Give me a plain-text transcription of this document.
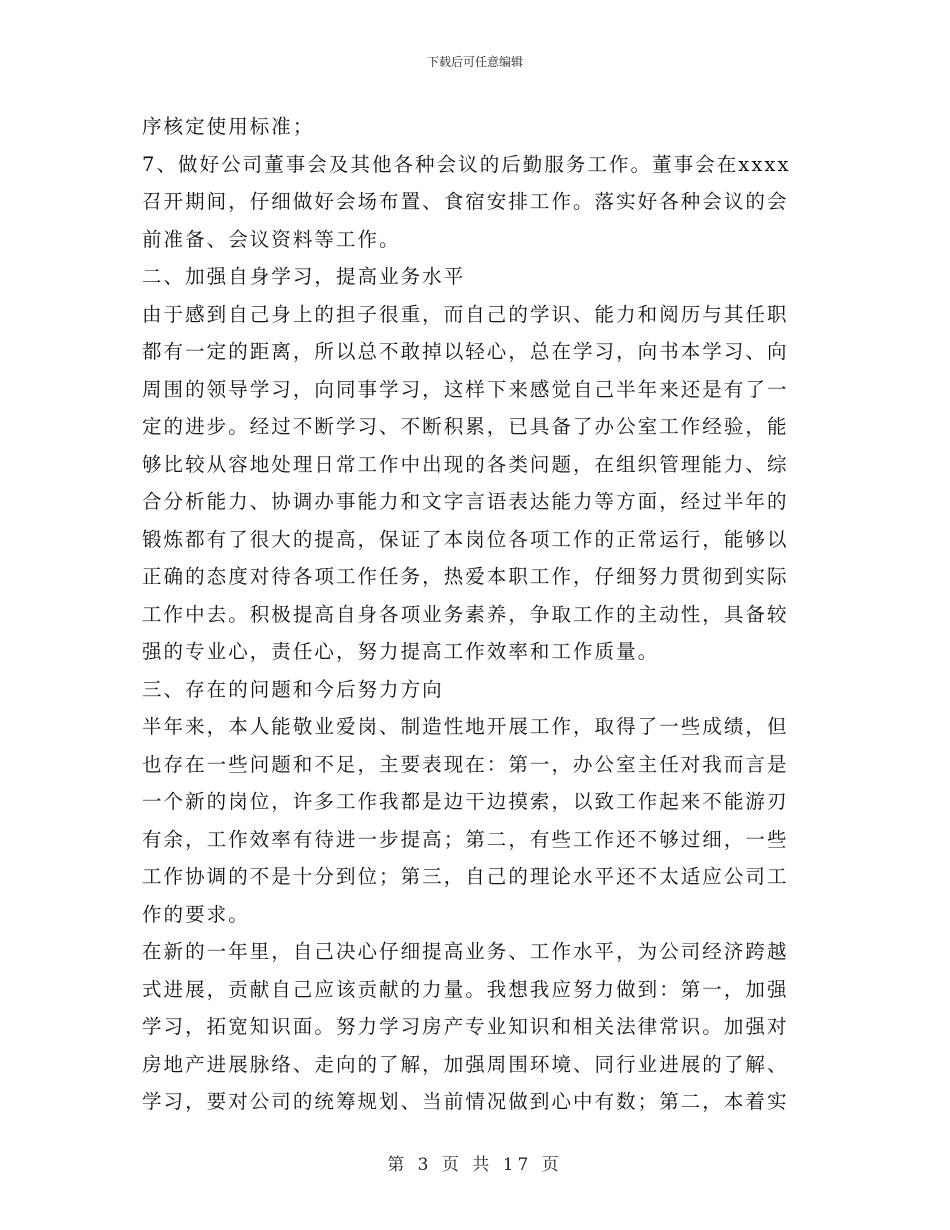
下载后可任意编辑
序核定使用标准；
7、做好公司董事会及其他各种会议的后勤服务工作。董事会在xxxx
召开期间，仔细做好会场布置、食宿安排工作。落实好各种会议的会
前准备、会议资料等工作。
二、加强自身学习，提高业务水平
由于感到自己身上的担子很重，而自己的学识、能力和阅历与其任职
都有一定的距离，所以总不敢掉以轻心，总在学习，向书本学习、向
周围的领导学习，向同事学习，这样下来感觉自己半年来还是有了一
定的进步。经过不断学习、不断积累，已具备了办公室工作经验，能
够比较从容地处理日常工作中出现的各类问题，在组织管理能力、综
合分析能力、协调办事能力和文字言语表达能力等方面，经过半年的
锻炼都有了很大的提高，保证了本岗位各项工作的正常运行，能够以
正确的态度对待各项工作任务，热爱本职工作，仔细努力贯彻到实际
工作中去。积极提高自身各项业务素养，争取工作的主动性，具备较
强的专业心，责任心，努力提高工作效率和工作质量。
三、存在的问题和今后努力方向
半年来，本人能敬业爱岗、制造性地开展工作，取得了一些成绩，但
也存在一些问题和不足，主要表现在：第一，办公室主任对我而言是
一个新的岗位，许多工作我都是边干边摸索，以致工作起来不能游刃
有余，工作效率有待进一步提高；第二，有些工作还不够过细，一些
工作协调的不是十分到位；第三，自己的理论水平还不太适应公司工
作的要求。
在新的一年里，自己决心仔细提高业务、工作水平，为公司经济跨越
式进展，贡献自己应该贡献的力量。我想我应努力做到：第一，加强
学习，拓宽知识面。努力学习房产专业知识和相关法律常识。加强对
房地产进展脉络、走向的了解，加强周围环境、同行业进展的了解、
学习，要对公司的统筹规划、当前情况做到心中有数；第二，本着实
第 3 页 共 17 页
